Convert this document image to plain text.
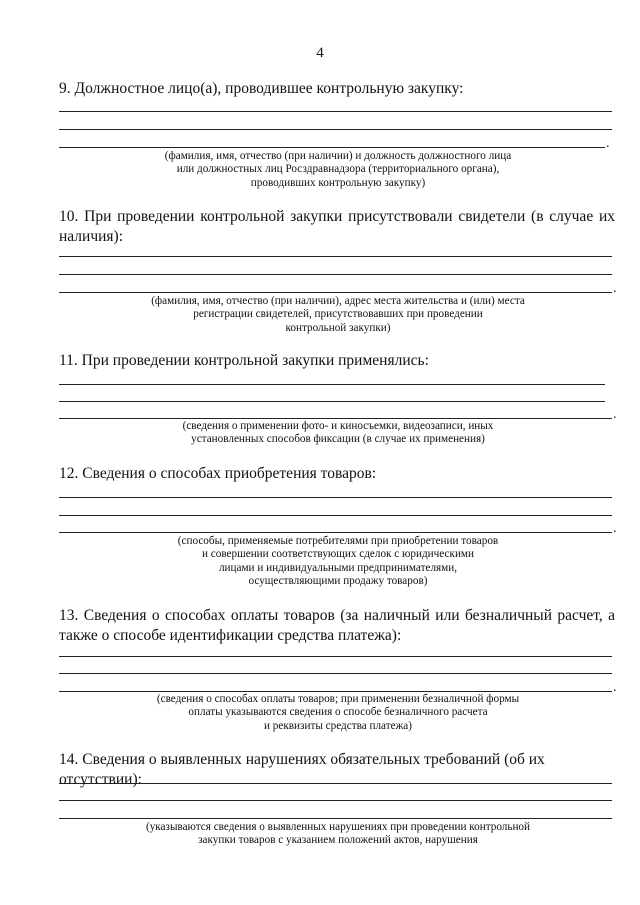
4
9. Должностное лицо(а), проводившее контрольную закупку:
.
(фамилия, имя, отчество (при наличии) и должность должностного лица
или должностных лиц Росздравнадзора (территориального органа),
проводивших контрольную закупку)
10. При проведении контрольной закупки присутствовали свидетели (в случае их наличия):
.
(фамилия, имя, отчество (при наличии), адрес места жительства и (или) места
регистрации свидетелей, присутствовавших при проведении
контрольной закупки)
11. При проведении контрольной закупки применялись:
.
(сведения о применении фото- и киносъемки, видеозаписи, иных
установленных способов фиксации (в случае их применения)
12. Сведения о способах приобретения товаров:
.
(способы, применяемые потребителями при приобретении товаров
и совершении соответствующих сделок с юридическими
лицами и индивидуальными предпринимателями,
осуществляющими продажу товаров)
13. Сведения о способах оплаты товаров (за наличный или безналичный расчет, а также о способе идентификации средства платежа):
.
(сведения о способах оплаты товаров; при применении безналичной формы
оплаты указываются сведения о способе безналичного расчета
и реквизиты средства платежа)
14. Сведения о выявленных нарушениях обязательных требований (об их отсутствии):
(указываются сведения о выявленных нарушениях при проведении контрольной
закупки товаров с указанием положений актов, нарушения
